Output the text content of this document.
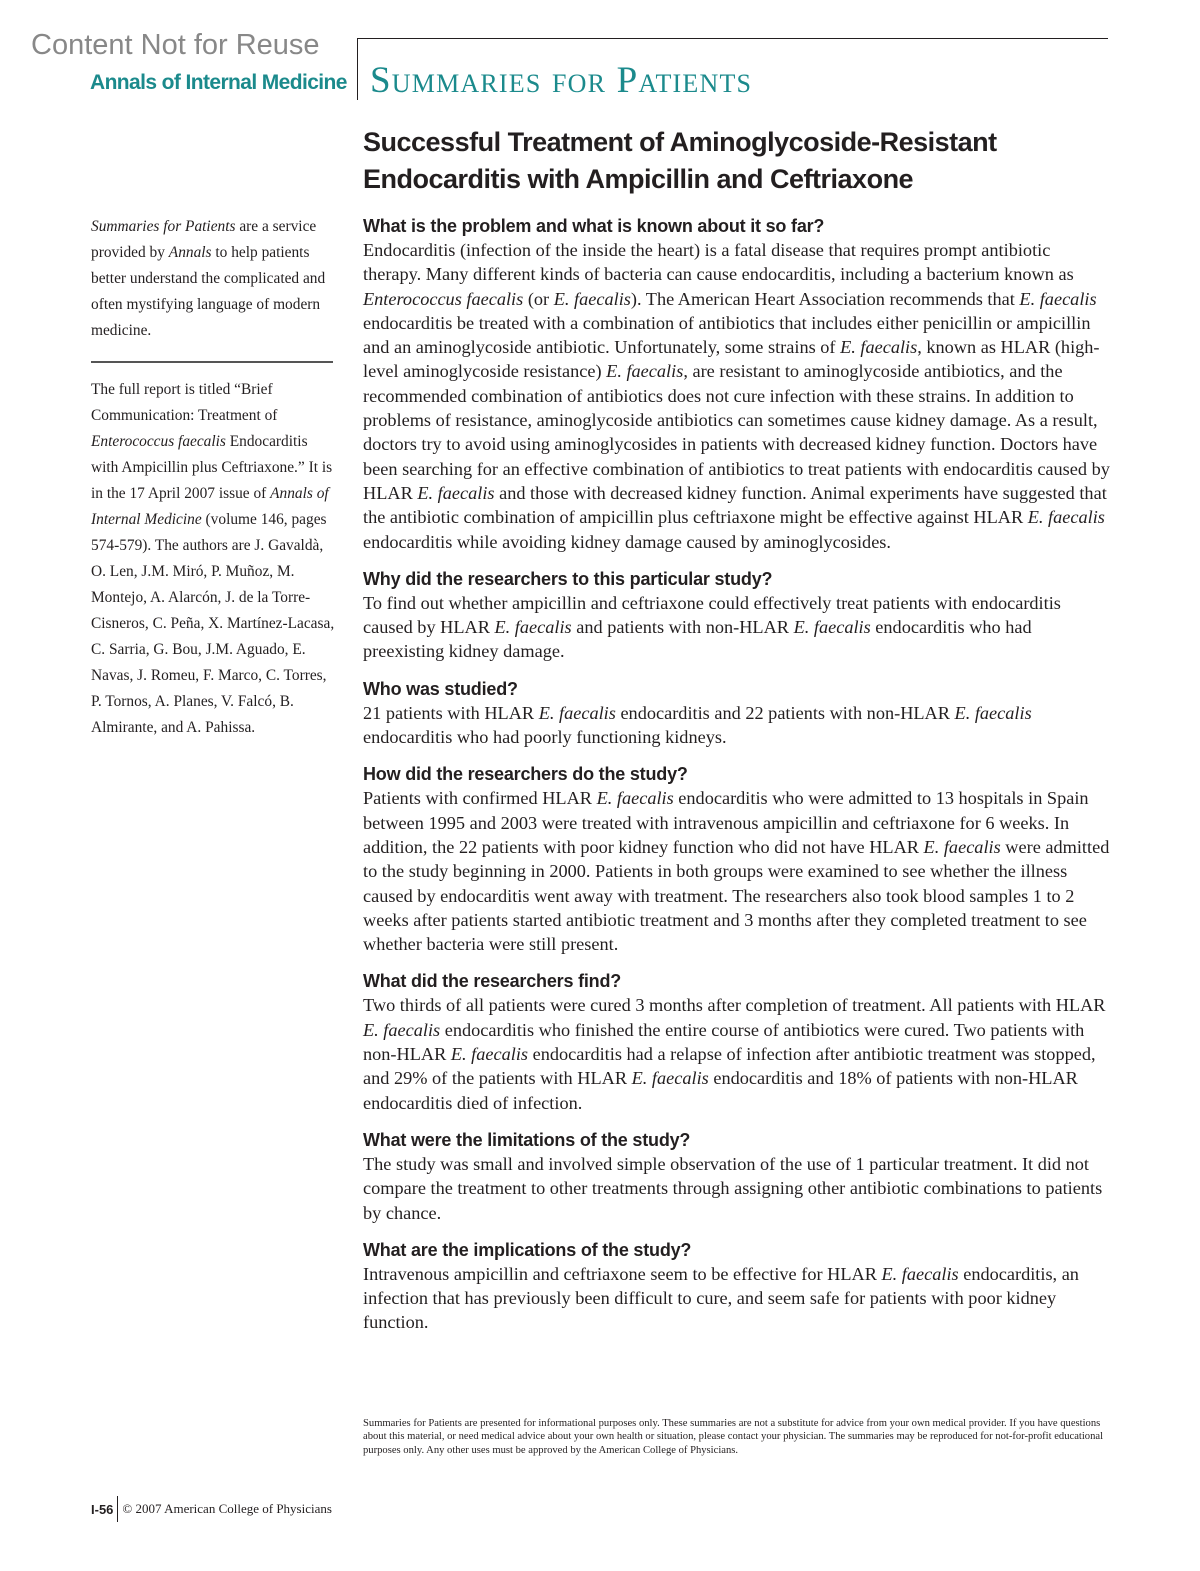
Content Not for Reuse
Annals of Internal Medicine Summaries for Patients
Successful Treatment of Aminoglycoside-Resistant Endocarditis with Ampicillin and Ceftriaxone

Summaries for Patients are a service provided by Annals to help patients better understand the complicated and often mystifying language of modern medicine.

The full report is titled “Brief Communication: Treatment of Enterococcus faecalis Endocarditis with Ampicillin plus Ceftriaxone.” It is in the 17 April 2007 issue of Annals of Internal Medicine (volume 146, pages 574-579). The authors are J. Gavaldà, O. Len, J.M. Miró, P. Muñoz, M. Montejo, A. Alarcón, J. de la Torre-Cisneros, C. Peña, X. Martínez-Lacasa, C. Sarria, G. Bou, J.M. Aguado, E. Navas, J. Romeu, F. Marco, C. Torres, P. Tornos, A. Planes, V. Falcó, B. Almirante, and A. Pahissa.

What is the problem and what is known about it so far?

Endocarditis (infection of the inside the heart) is a fatal disease that requires prompt antibiotic therapy. Many different kinds of bacteria can cause endocarditis, including a bacterium known as Enterococcus faecalis (or E. faecalis). The American Heart Association recommends that E. faecalis endocarditis be treated with a combination of antibiotics that includes either penicillin or ampicillin and an aminoglycoside antibiotic. Unfortunately, some strains of E. faecalis, known as HLAR (high-level aminoglycoside resistance) E. faecalis, are resistant to aminoglycoside antibiotics, and the recommended combination of antibiotics does not cure infection with these strains. In addition to problems of resistance, aminoglycoside antibiotics can sometimes cause kidney damage. As a result, doctors try to avoid using aminoglycosides in patients with decreased kidney function. Doctors have been searching for an effective combination of antibiotics to treat patients with endocarditis caused by HLAR E. faecalis and those with decreased kidney function. Animal experiments have suggested that the antibiotic combination of ampicillin plus ceftriaxone might be effective against HLAR E. faecalis endocarditis while avoiding kidney damage caused by aminoglycosides.

Why did the researchers to this particular study?

To find out whether ampicillin and ceftriaxone could effectively treat patients with endocarditis caused by HLAR E. faecalis and patients with non-HLAR E. faecalis endocarditis who had preexisting kidney damage.

Who was studied?

21 patients with HLAR E. faecalis endocarditis and 22 patients with non-HLAR E. faecalis endocarditis who had poorly functioning kidneys.

How did the researchers do the study?

Patients with confirmed HLAR E. faecalis endocarditis who were admitted to 13 hospitals in Spain between 1995 and 2003 were treated with intravenous ampicillin and ceftriaxone for 6 weeks. In addition, the 22 patients with poor kidney function who did not have HLAR E. faecalis were admitted to the study beginning in 2000. Patients in both groups were examined to see whether the illness caused by endocarditis went away with treatment. The researchers also took blood samples 1 to 2 weeks after patients started antibiotic treatment and 3 months after they completed treatment to see whether bacteria were still present.

What did the researchers find?

Two thirds of all patients were cured 3 months after completion of treatment. All patients with HLAR E. faecalis endocarditis who finished the entire course of antibiotics were cured. Two patients with non-HLAR E. faecalis endocarditis had a relapse of infection after antibiotic treatment was stopped, and 29% of the patients with HLAR E. faecalis endocarditis and 18% of patients with non-HLAR endocarditis died of infection.

What were the limitations of the study?

The study was small and involved simple observation of the use of 1 particular treatment. It did not compare the treatment to other treatments through assigning other antibiotic combinations to patients by chance.

What are the implications of the study?

Intravenous ampicillin and ceftriaxone seem to be effective for HLAR E. faecalis endocarditis, an infection that has previously been difficult to cure, and seem safe for patients with poor kidney function.

Summaries for Patients are presented for informational purposes only. These summaries are not a substitute for advice from your own medical provider. If you have questions about this material, or need medical advice about your own health or situation, please contact your physician. The summaries may be reproduced for not-for-profit educational purposes only. Any other uses must be approved by the American College of Physicians.

I-56 © 2007 American College of Physicians
